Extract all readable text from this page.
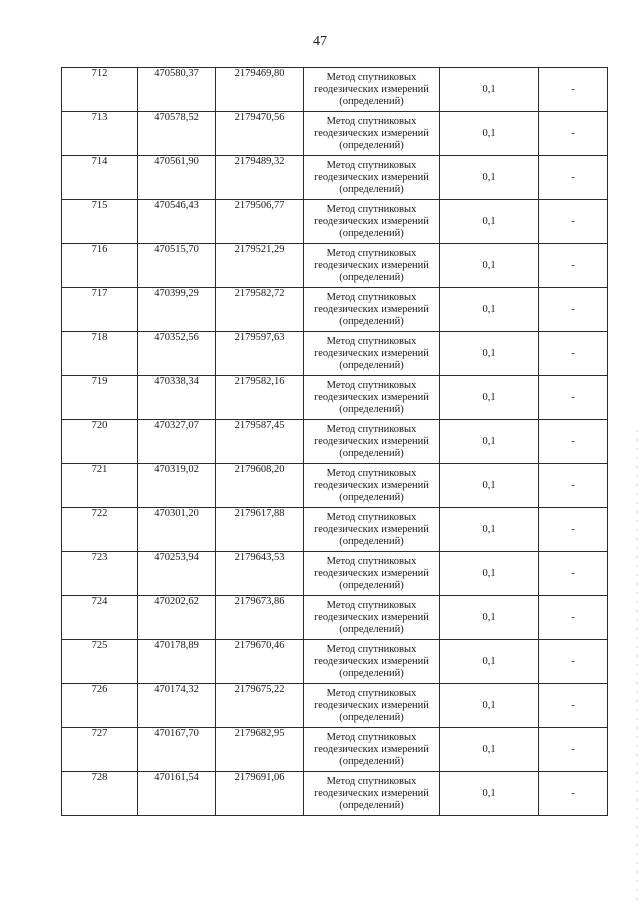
47
712	470580,37	2179469,80	Метод спутниковых
геодезических измерений
(определений)	0,1	-
713	470578,52	2179470,56	Метод спутниковых
геодезических измерений
(определений)	0,1	-
714	470561,90	2179489,32	Метод спутниковых
геодезических измерений
(определений)	0,1	-
715	470546,43	2179506,77	Метод спутниковых
геодезических измерений
(определений)	0,1	-
716	470515,70	2179521,29	Метод спутниковых
геодезических измерений
(определений)	0,1	-
717	470399,29	2179582,72	Метод спутниковых
геодезических измерений
(определений)	0,1	-
718	470352,56	2179597,63	Метод спутниковых
геодезических измерений
(определений)	0,1	-
719	470338,34	2179582,16	Метод спутниковых
геодезических измерений
(определений)	0,1	-
720	470327,07	2179587,45	Метод спутниковых
геодезических измерений
(определений)	0,1	-
721	470319,02	2179608,20	Метод спутниковых
геодезических измерений
(определений)	0,1	-
722	470301,20	2179617,88	Метод спутниковых
геодезических измерений
(определений)	0,1	-
723	470253,94	2179643,53	Метод спутниковых
геодезических измерений
(определений)	0,1	-
724	470202,62	2179673,86	Метод спутниковых
геодезических измерений
(определений)	0,1	-
725	470178,89	2179670,46	Метод спутниковых
геодезических измерений
(определений)	0,1	-
726	470174,32	2179675,22	Метод спутниковых
геодезических измерений
(определений)	0,1	-
727	470167,70	2179682,95	Метод спутниковых
геодезических измерений
(определений)	0,1	-
728	470161,54	2179691,06	Метод спутниковых
геодезических измерений
(определений)	0,1	-
